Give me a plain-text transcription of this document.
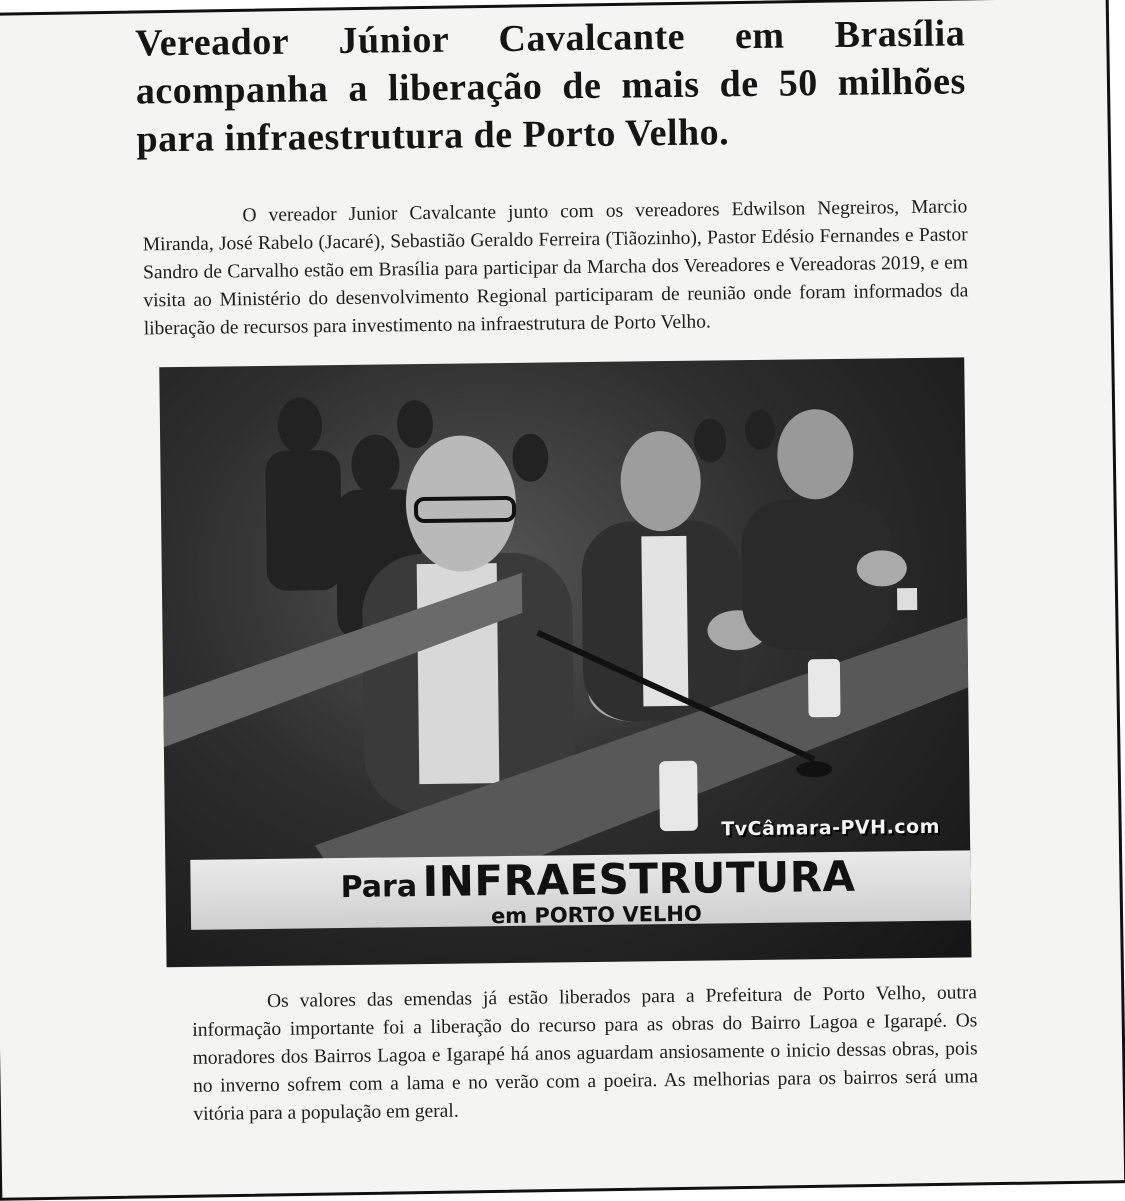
Vereador Júnior Cavalcante em Brasília acompanha a liberação de mais de 50 milhões para infraestrutura de Porto Velho.

O vereador Junior Cavalcante junto com os vereadores Edwilson Negreiros, Marcio Miranda, José Rabelo (Jacaré), Sebastião Geraldo Ferreira (Tiãozinho), Pastor Edésio Fernandes e Pastor Sandro de Carvalho estão em Brasília para participar da Marcha dos Vereadores e Vereadoras 2019, e em visita ao Ministério do desenvolvimento Regional participaram de reunião onde foram informados da liberação de recursos para investimento na infraestrutura de Porto Velho.

TvCâmara-PVH.com
Para INFRAESTRUTURA
em PORTO VELHO

Os valores das emendas já estão liberados para a Prefeitura de Porto Velho, outra informação importante foi a liberação do recurso para as obras do Bairro Lagoa e Igarapé. Os moradores dos Bairros Lagoa e Igarapé há anos aguardam ansiosamente o inicio dessas obras, pois no inverno sofrem com a lama e no verão com a poeira. As melhorias para os bairros será uma vitória para a população em geral.
